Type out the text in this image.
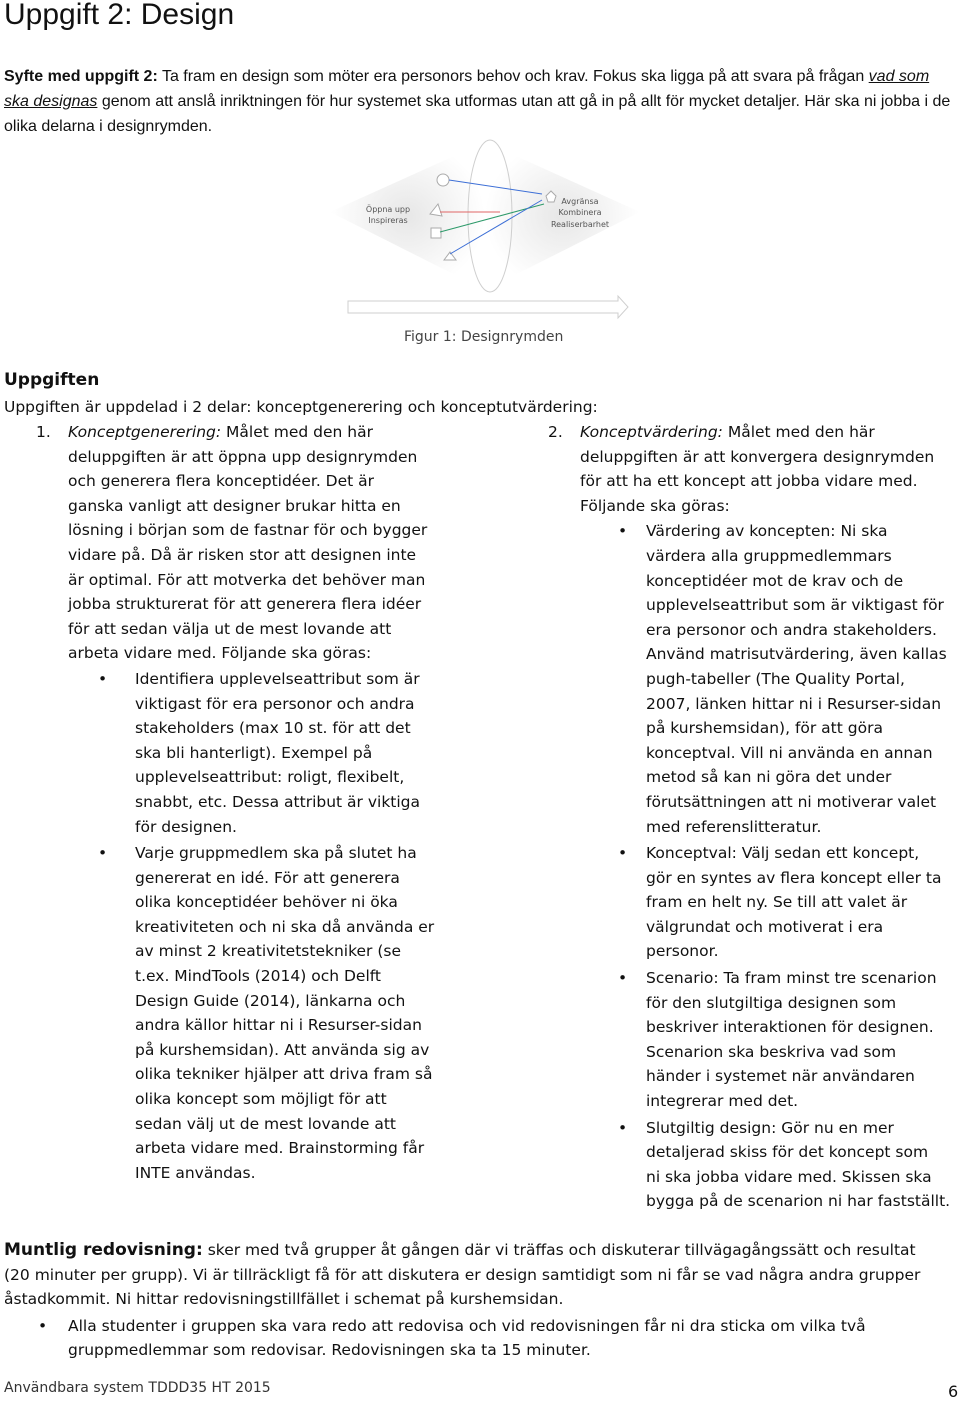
Uppgift 2: Design
Syfte med uppgift 2: Ta fram en design som möter era personors behov och krav. Fokus ska ligga på att svara på frågan vad som ska designas genom att anslå inriktningen för hur systemet ska utformas utan att gå in på allt för mycket detaljer. Här ska ni jobba i de olika delarna i designrymden.
Öppna upp
Inspireras
Avgränsa
Kombinera
Realiserbarhet
Figur 1: Designrymden
Uppgiften
Uppgiften är uppdelad i 2 delar: konceptgenerering och konceptutvärdering:
1. Konceptgenerering: Målet med den här
deluppgiften är att öppna upp designrymden
och generera flera konceptidéer. Det är
ganska vanligt att designer brukar hitta en
lösning i början som de fastnar för och bygger
vidare på. Då är risken stor att designen inte
är optimal. För att motverka det behöver man
jobba strukturerat för att generera flera idéer
för att sedan välja ut de mest lovande att
arbeta vidare med. Följande ska göras:
•	Identifiera upplevelseattribut som är
viktigast för era personor och andra
stakeholders (max 10 st. för att det
ska bli hanterligt). Exempel på
upplevelseattribut: roligt, flexibelt,
snabbt, etc. Dessa attribut är viktiga
för designen.
•	Varje gruppmedlem ska på slutet ha
genererat en idé. För att generera
olika konceptidéer behöver ni öka
kreativiteten och ni ska då använda er
av minst 2 kreativitetstekniker (se
t.ex. MindTools (2014) och Delft
Design Guide (2014), länkarna och
andra källor hittar ni i Resurser-sidan
på kurshemsidan). Att använda sig av
olika tekniker hjälper att driva fram så
olika koncept som möjligt för att
sedan välj ut de mest lovande att
arbeta vidare med. Brainstorming får
INTE användas.
2. Konceptvärdering: Målet med den här
deluppgiften är att konvergera designrymden
för att ha ett koncept att jobba vidare med.
Följande ska göras:
•	Värdering av koncepten: Ni ska
värdera alla gruppmedlemmars
konceptidéer mot de krav och de
upplevelseattribut som är viktigast för
era personor och andra stakeholders.
Använd matrisutvärdering, även kallas
pugh-tabeller (The Quality Portal,
2007, länken hittar ni i Resurser-sidan
på kurshemsidan), för att göra
konceptval. Vill ni använda en annan
metod så kan ni göra det under
förutsättningen att ni motiverar valet
med referenslitteratur.
•	Konceptval: Välj sedan ett koncept,
gör en syntes av flera koncept eller ta
fram en helt ny. Se till att valet är
välgrundat och motiverat i era
personor.
•	Scenario: Ta fram minst tre scenarion
för den slutgiltiga designen som
beskriver interaktionen för designen.
Scenarion ska beskriva vad som
händer i systemet när användaren
integrerar med det.
•	Slutgiltig design: Gör nu en mer
detaljerad skiss för det koncept som
ni ska jobba vidare med. Skissen ska
bygga på de scenarion ni har fastställt.
Muntlig redovisning: sker med två grupper åt gången där vi träffas och diskuterar tillvägagångssätt och resultat
(20 minuter per grupp). Vi är tillräckligt få för att diskutera er design samtidigt som ni får se vad några andra grupper
åstadkommit. Ni hittar redovisningstillfället i schemat på kurshemsidan.
•	Alla studenter i gruppen ska vara redo att redovisa och vid redovisningen får ni dra sticka om vilka två
gruppmedlemmar som redovisar. Redovisningen ska ta 15 minuter.
Användbara system TDDD35 HT 2015	6
